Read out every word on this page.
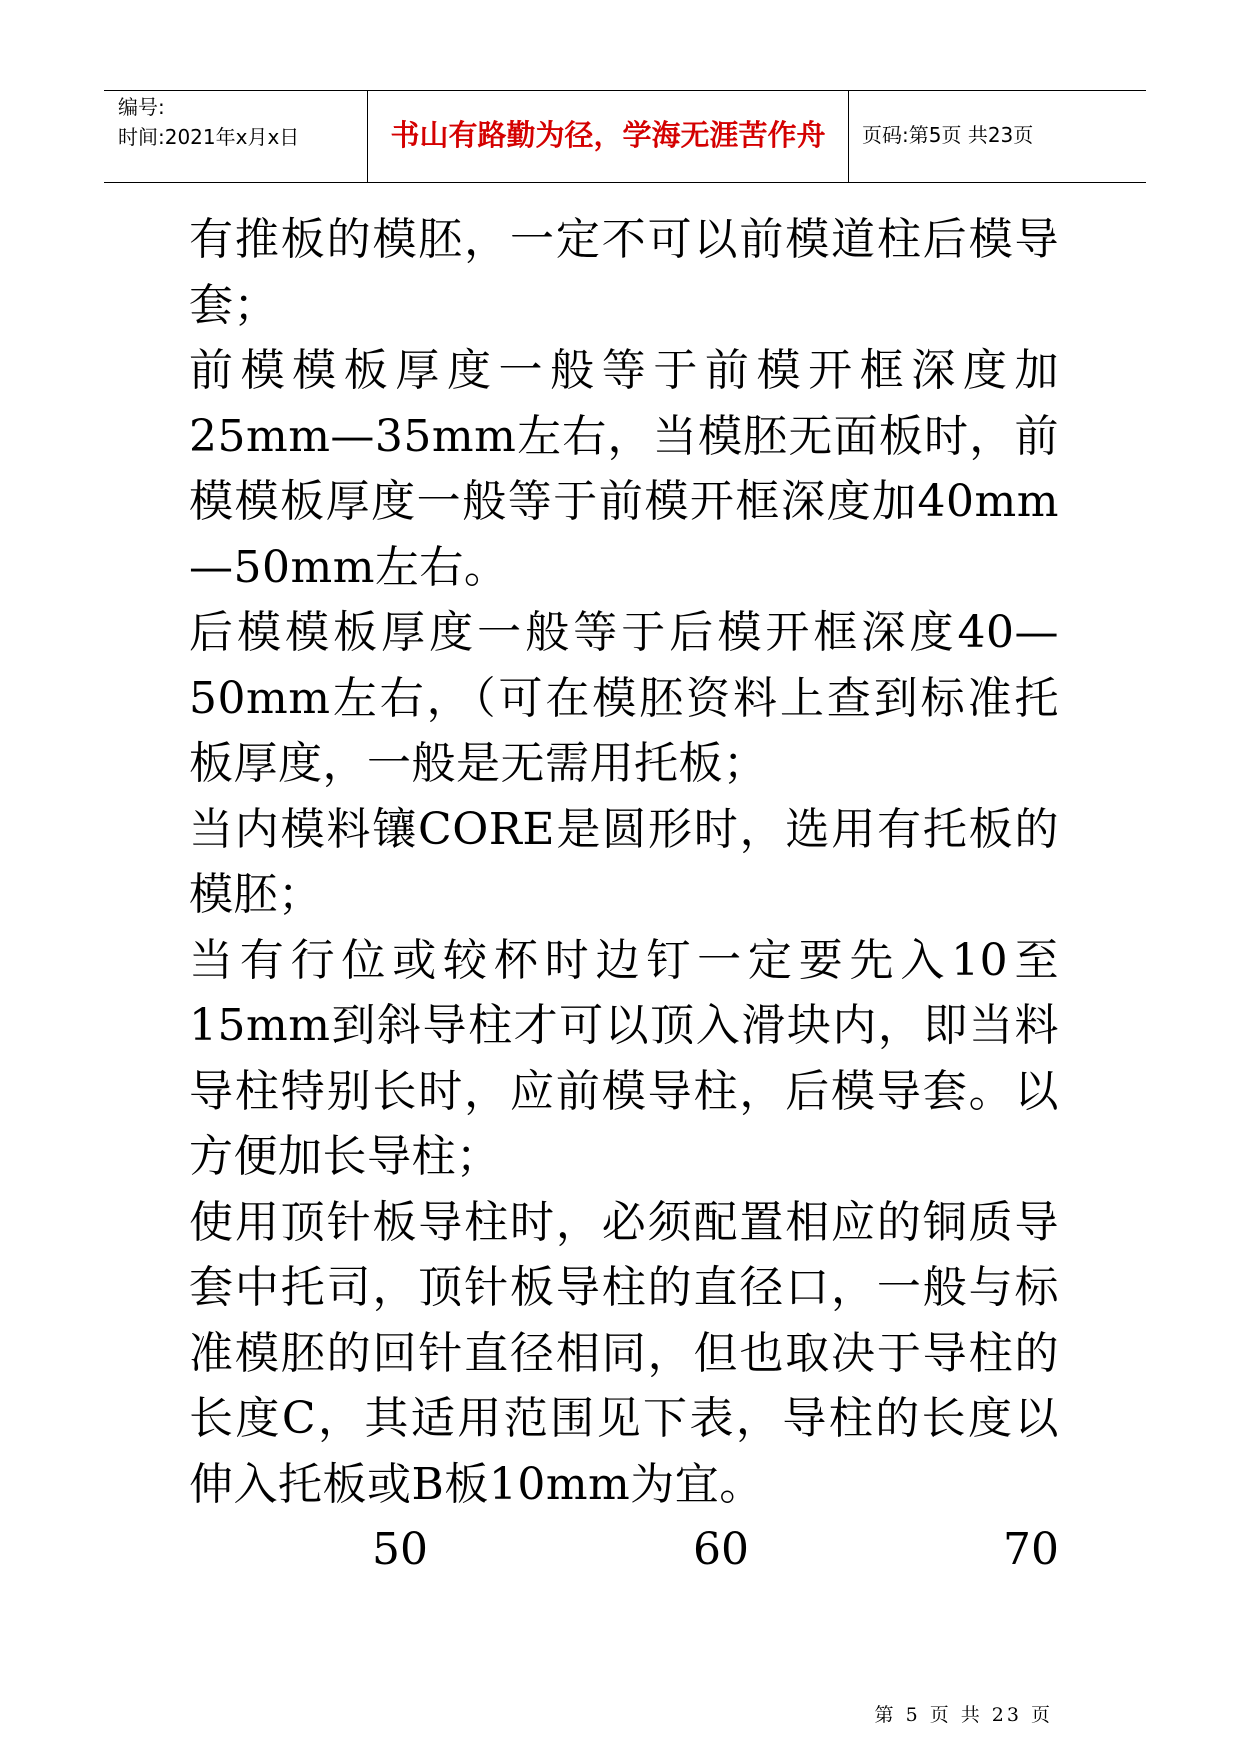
编号:
时间:2021年x月x日	书山有路勤为径，学海无涯苦作舟	页码:第5页 共23页

有推板的模胚，一定不可以前模道柱后模导套；

前模模板厚度一般等于前模开框深度加25mm—35mm左右，当模胚无面板时，前模模板厚度一般等于前模开框深度加40mm—50mm左右。

后模模板厚度一般等于后模开框深度40—50mm左右，（可在模胚资料上查到标准托板厚度，一般是无需用托板；

当内模料镶CORE是圆形时，选用有托板的模胚；

当有行位或较杯时边钉一定要先入10至15mm到斜导柱才可以顶入滑块内，即当料导柱特别长时，应前模导柱，后模导套。以方便加长导柱；

使用顶针板导柱时，必须配置相应的铜质导套中托司，顶针板导柱的直径口，一般与标准模胚的回针直径相同，但也取决于导柱的长度C，其适用范围见下表，导柱的长度以伸入托板或B板10mm为宜。

50	60	70
第 5 页 共 23 页
